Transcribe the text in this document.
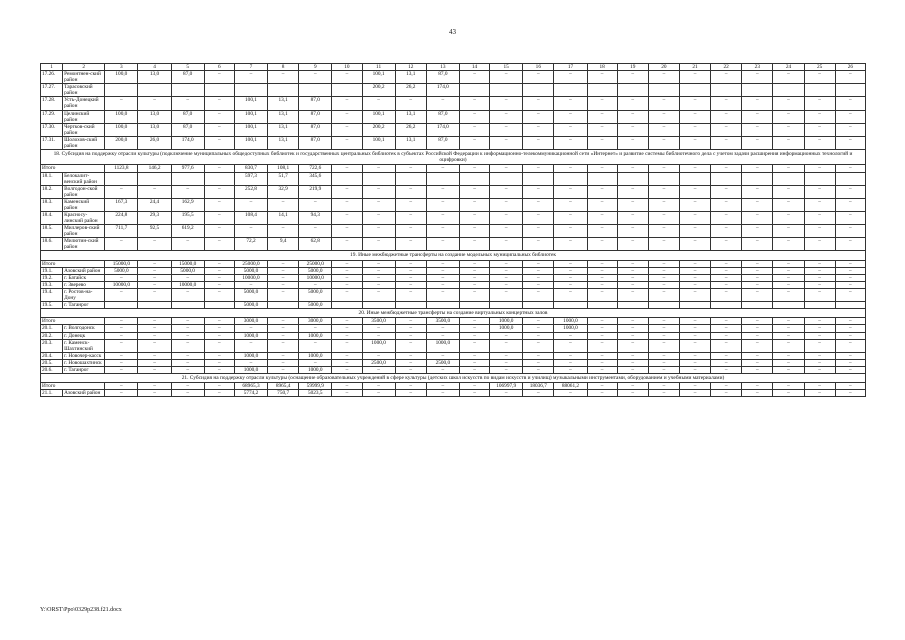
43
1	2	3	4	5	6	7	8	9	10	11	12	13	14	15	16	17	18	19	20	21	22	23	24	25	26
17.26.	Ремонтнен-ский район	100,0	13,0	87,0	–	–	–	–	–	100,1	13,1	87,0	–	–	–	–	–	–	–	–	–	–	–	–	–
17.27.	Тарасовский район									200,2	26,2	174,0													
17.28.	Усть-Донецкий район	–	–	–	–	100,1	13,1	87,0	–	–	–	–	–	–	–	–	–	–	–	–	–	–	–	–	–
17.29.	Целинский район	100,0	13,0	87,0	–	100,1	13,1	87,0	–	100,1	13,1	87,0	–	–	–	–	–	–	–	–	–	–	–	–	–
17.30.	Чертков-ский район	100,0	13,0	87,0	–	100,1	13,1	87,0	–	200,2	26,2	174,0	–	–	–	–	–	–	–	–	–	–	–	–	–
17.31.	Шолохов-ский район	200,0	26,0	174,0	–	100,1	13,1	87,0	–	100,1	13,1	87,0	–	–	–	–	–	–	–	–	–	–	–	–	–
18. Субсидия на поддержку отрасли культуры (подключение муниципальных общедоступных библиотек и государственных центральных библиотек в субъектах Российской Федерации к информационно-телекоммуникационной сети «Интернет» и развитие системы библиотечного дела с учетом задачи расширения информационных технологий и оцифровки)																									
Итого		1123,8	146,2	977,6	–	830,7	108,1	722,6	–	–	–	–	–	–	–	–	–	–	–	–	–	–	–	–	–
18.1.	Белокалит-венский район					597,3	51,7	345,6																	
18.2.	Волгодон-ской район	–	–	–	–	252,8	32,9	219,9	–	–	–	–	–	–	–	–	–	–	–	–	–	–	–	–	–
18.3.	Каменский район	167,3	24,4	162,9	–	–	–	–	–	–	–	–	–	–	–	–	–	–	–	–	–	–	–	–	–
18.4.	Красносу-линский район	224,8	29,3	195,5	–	108,4	14,1	94,3	–	–	–	–	–	–	–	–	–	–	–	–	–	–	–	–	–
18.5.	Миллеров-ский район	711,7	92,5	619,2	–	–	–	–	–	–	–	–	–	–	–	–	–	–	–	–	–	–	–	–	–
18.6.	Милютин-ский район	–	–	–	–	72,2	9,4	62,8	–	–	–	–	–	–	–	–	–	–	–	–	–	–	–	–	–
19. Иные межбюджетные трансферты на создание модельных муниципальных библиотек																									
Итого		15000,0	–	15000,0	–	25000,0	–	25000,0	–	–	–	–	–	–	–	–	–	–	–	–	–	–	–	–	–
19.1.	Азовский район	5000,0	–	5000,0	–	5000,0	–	5000,0	–	–	–	–	–	–	–	–	–	–	–	–	–	–	–	–	–
19.2.	г. Батайск	–	–	–	–	10000,0	–	10000,0	–	–	–	–	–	–	–	–	–	–	–	–	–	–	–	–	–
19.3.	г. Зверево	10000,0	–	10000,0	–	–	–	–	–	–	–	–	–	–	–	–	–	–	–	–	–	–	–	–	–
19.4.	г. Ростов-на-Дону	–	–	–	–	5000,0	–	5000,0	–	–	–	–	–	–	–	–	–	–	–	–	–	–	–	–	–
19.5.	г. Таганрог					5000,0		5000,0																	
20. Иные межбюджетные трансферты на создание виртуальных концертных залов																									
Итого		–	–	–	–	3000,0	–	3000,0	–	3500,0	–	3500,0	–	1000,0	–	1000,0	–	–	–	–	–	–	–	–	–
20.1.	г. Волгодонск	–	–	–	–	–	–	–	–	–	–	–	–	1000,0	–	1000,0	–	–	–	–	–	–	–	–	–
20.2.	г. Донецк	–	–	–	–	1000,0	–	1000,0	–	–	–	–	–	–	–	–	–	–	–	–	–	–	–	–	–
20.3.	г. Каменск-Шахтинский	–	–	–	–	–	–	–	–	1000,0	–	1000,0	–	–	–	–	–	–	–	–	–	–	–	–	–
20.4.	г. Новочер-касск	–	–	–	–	1000,0	–	1000,0	–	–	–	–	–	–	–	–	–	–	–	–	–	–	–	–	–
20.5.	г. Новошахтинск	–	–	–	–	–	–	–	–	2500,0	–	2500,0	–	–	–	–	–	–	–	–	–	–	–	–	–
20.6.	г. Таганрог	–	–	–	–	1000,0	–	1000,0	–	–	–	–	–	–	–	–	–	–	–	–	–	–	–	–	–
21. Субсидия на поддержку отрасли культуры (оснащение образовательных учреждений в сфере культуры (детских школ искусств по видам искусств и училищ) музыкальными инструментами, оборудованием и учебными материалами)																									
Итого		–	–	–	–	68965,3	8965,4	59999,9	–	–	–	–	–	106997,9	18036,7	88061,2	–	–	–	–	–	–	–	–	–
21.1.	Азовский район	–	–	–	–	5774,2	750,7	5023,5	–	–	–	–	–	–	–	–	–	–	–	–	–	–	–	–	–
Y:\ORST\Ppo\0329p238.f21.docx
